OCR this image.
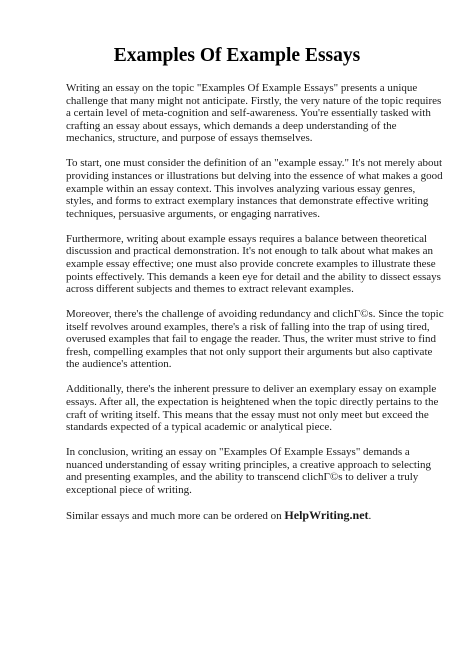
Examples Of Example Essays

Writing an essay on the topic "Examples Of Example Essays" presents a unique challenge that many might not anticipate. Firstly, the very nature of the topic requires a certain level of meta-cognition and self-awareness. You're essentially tasked with crafting an essay about essays, which demands a deep understanding of the mechanics, structure, and purpose of essays themselves.

To start, one must consider the definition of an "example essay." It's not merely about providing instances or illustrations but delving into the essence of what makes a good example within an essay context. This involves analyzing various essay genres, styles, and forms to extract exemplary instances that demonstrate effective writing techniques, persuasive arguments, or engaging narratives.

Furthermore, writing about example essays requires a balance between theoretical discussion and practical demonstration. It's not enough to talk about what makes an example essay effective; one must also provide concrete examples to illustrate these points effectively. This demands a keen eye for detail and the ability to dissect essays across different subjects and themes to extract relevant examples.

Moreover, there's the challenge of avoiding redundancy and clichГ©s. Since the topic itself revolves around examples, there's a risk of falling into the trap of using tired, overused examples that fail to engage the reader. Thus, the writer must strive to find fresh, compelling examples that not only support their arguments but also captivate the audience's attention.

Additionally, there's the inherent pressure to deliver an exemplary essay on example essays. After all, the expectation is heightened when the topic directly pertains to the craft of writing itself. This means that the essay must not only meet but exceed the standards expected of a typical academic or analytical piece.

In conclusion, writing an essay on "Examples Of Example Essays" demands a nuanced understanding of essay writing principles, a creative approach to selecting and presenting examples, and the ability to transcend clichГ©s to deliver a truly exceptional piece of writing.

Similar essays and much more can be ordered on HelpWriting.net.
